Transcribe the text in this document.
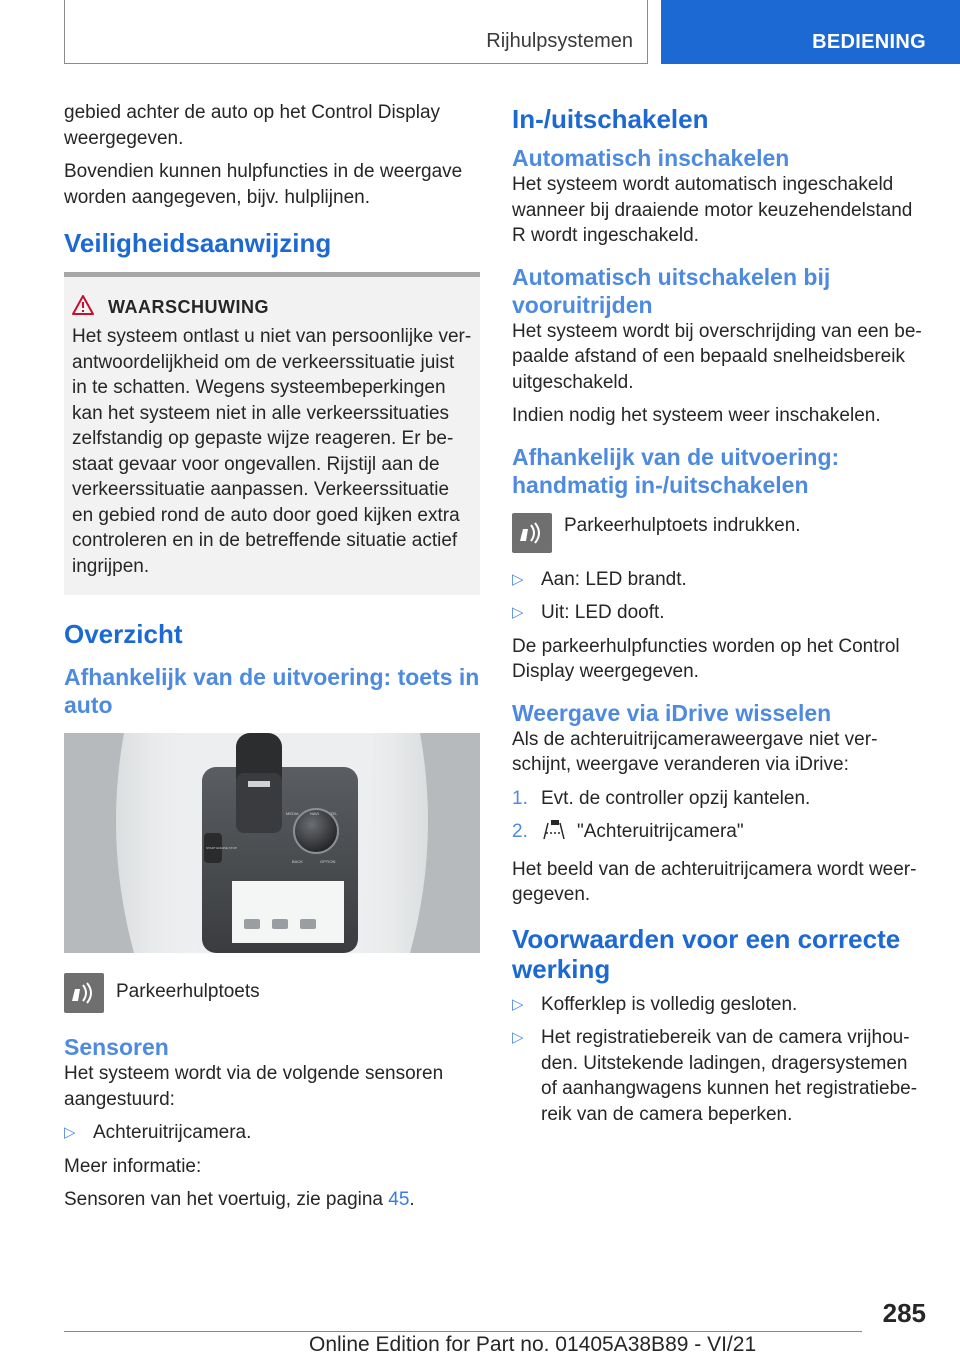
Rijhulpsystemen	BEDIENING

gebied achter de auto op het Control Display weergegeven.

Bovendien kunnen hulpfuncties in de weergave worden aangegeven, bijv. hulplijnen.

Veiligheidsaanwijzing
WAARSCHUWING

Het systeem ontlast u niet van persoonlijke verantwoordelijkheid om de verkeerssituatie juist in te schatten. Wegens systeembeperkingen kan het systeem niet in alle verkeerssituaties zelfstandig op gepaste wijze reageren. Er bestaat gevaar voor ongevallen. Rijstijl aan de verkeerssituatie aanpassen. Verkeerssituatie en gebied rond de auto door goed kijken extra controleren en in de betreffende situatie actief ingrijpen.

Overzicht
Afhankelijk van de uitvoering: toets in auto
MEDIA	NAVI	TEL
BACK	OPTION
START ENGINE STOP

Parkeerhulptoets

Sensoren

Het systeem wordt via de volgende sensoren aangestuurd:

▷ Achteruitrijcamera.

Meer informatie:

Sensoren van het voertuig, zie pagina 45.

In-/uitschakelen
Automatisch inschakelen

Het systeem wordt automatisch ingeschakeld wanneer bij draaiende motor keuzehendelstand R wordt ingeschakeld.

Automatisch uitschakelen bij vooruitrijden

Het systeem wordt bij overschrijding van een bepaalde afstand of een bepaald snelheidsbereik uitgeschakeld.

Indien nodig het systeem weer inschakelen.

Afhankelijk van de uitvoering: handmatig in-/uitschakelen

Parkeerhulptoets indrukken.

▷ Aan: LED brandt.
▷ Uit: LED dooft.

De parkeerhulpfuncties worden op het Control Display weergegeven.

Weergave via iDrive wisselen

Als de achteruitrijcameraweergave niet verschijnt, weergave veranderen via iDrive:

1. Evt. de controller opzij kantelen.
2.	"Achteruitrijcamera"

Het beeld van de achteruitrijcamera wordt weergegeven.

Voorwaarden voor een correcte werking
▷ Kofferklep is volledig gesloten.
▷ Het registratiebereik van de camera vrijhouden. Uitstekende ladingen, dragersystemen of aanhangwagens kunnen het registratiebereik van de camera beperken.
285
Online Edition for Part no. 01405A38B89 - VI/21
